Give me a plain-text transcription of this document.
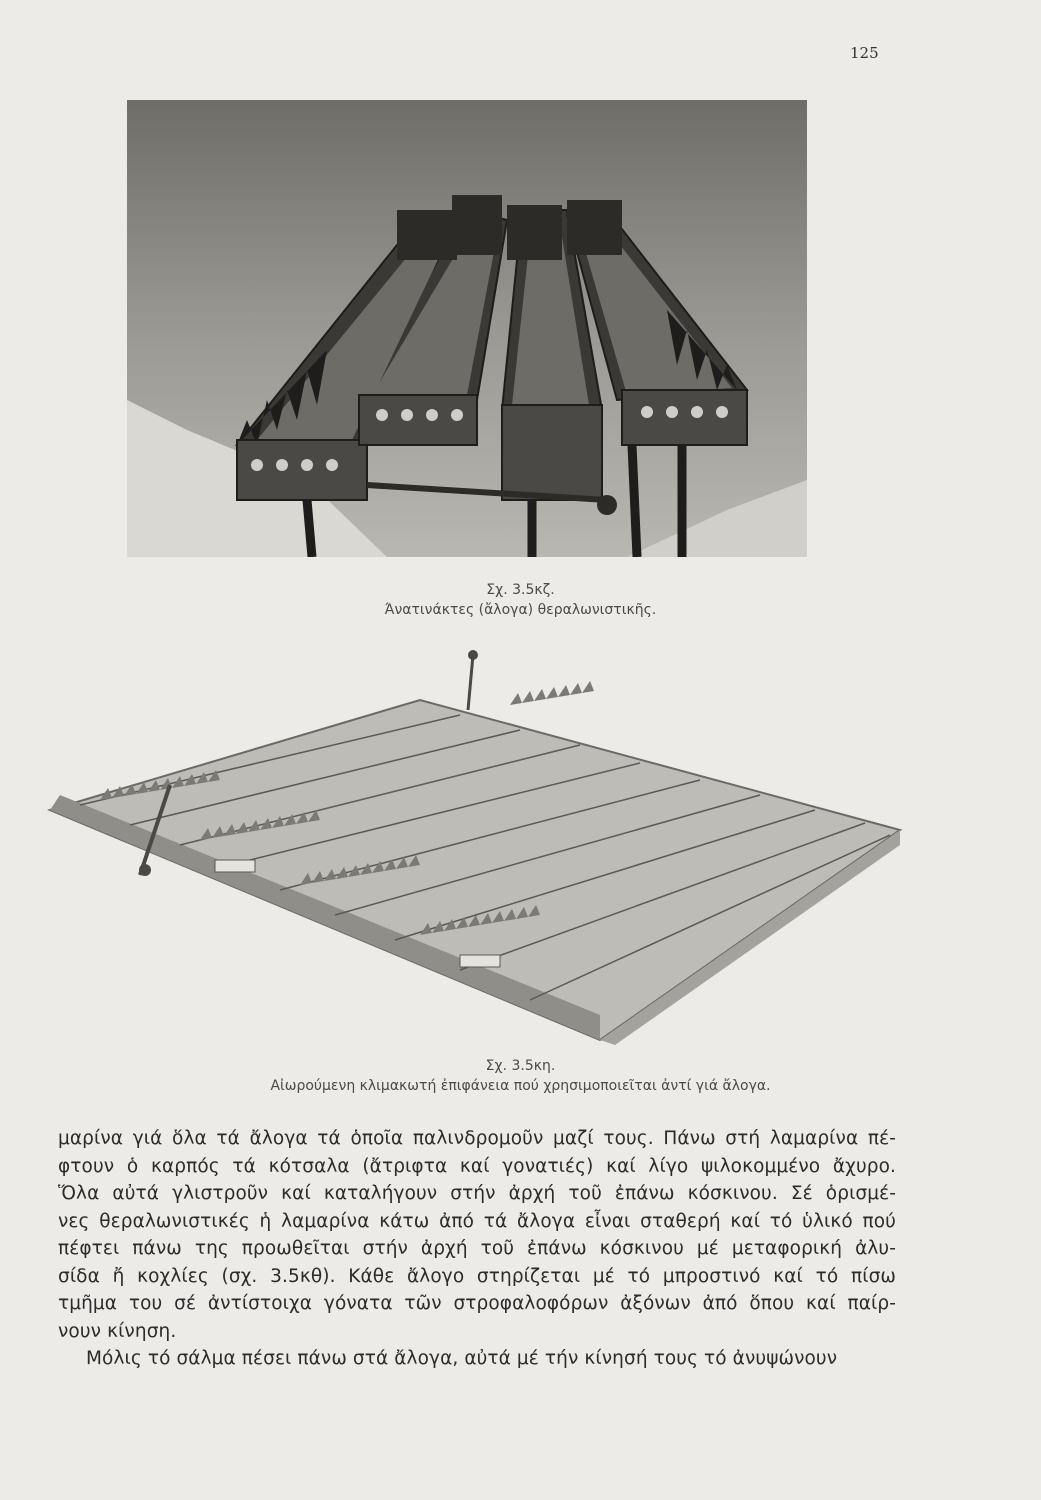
125
Σχ. 3.5κζ.
Άνατινάκτες (ἄλογα) θεραλωνιστικῆς.
Σχ. 3.5κη.
Αἰωρούμενη κλιμακωτή ἐπιφάνεια πού χρησιμοποιεῖται ἀντί γιά ἄλογα.

μαρίνα γιά ὅλα τά ἄλογα τά ὁποῖα παλινδρομοῦν μαζί τους. Πάνω στή λαμαρίνα πέ-

φτουν ὁ καρπός τά κότσαλα (ἄτριφτα καί γονατιές) καί λίγο ψιλοκομμένο ἄχυρο.

Ὅλα αὐτά γλιστροῦν καί καταλήγουν στήν ἀρχή τοῦ ἐπάνω κόσκινου. Σέ ὁρισμέ-

νες θεραλωνιστικές ἡ λαμαρίνα κάτω ἀπό τά ἄλογα εἶναι σταθερή καί τό ὑλικό πού

πέφτει πάνω της προωθεῖται στήν ἀρχή τοῦ ἐπάνω κόσκινου μέ μεταφορική ἀλυ-

σίδα ἤ κοχλίες (σχ. 3.5κθ). Κάθε ἄλογο στηρίζεται μέ τό μπροστινό καί τό πίσω

τμῆμα του σέ ἀντίστοιχα γόνατα τῶν στροφαλοφόρων ἀξόνων ἀπό ὅπου καί παίρ-

νουν κίνηση.

Μόλις τό σάλμα πέσει πάνω στά ἄλογα, αὐτά μέ τήν κίνησή τους τό ἀνυψώνουν
